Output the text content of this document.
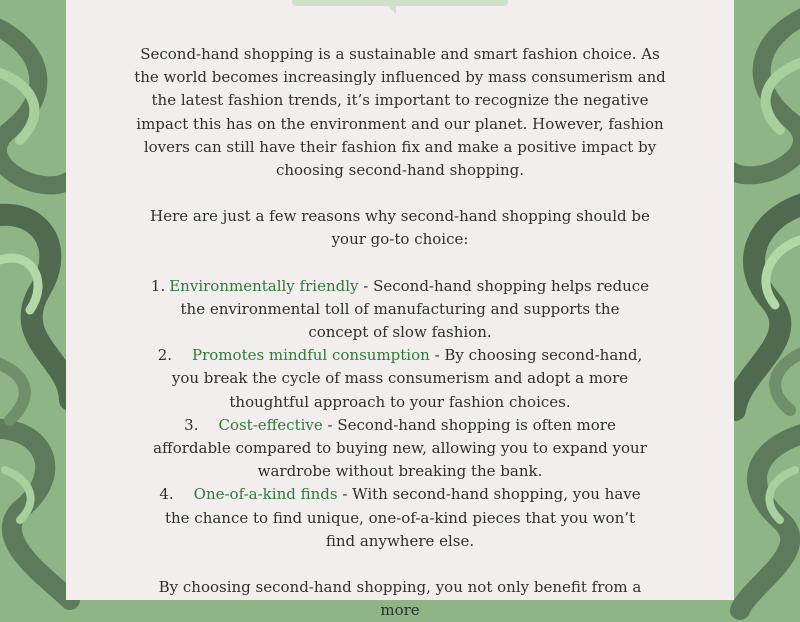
Second-hand shopping is a sustainable and smart fashion choice. As the world becomes increasingly influenced by mass consumerism and the latest fashion trends, it’s important to recognize the negative impact this has on the environment and our planet. However, fashion lovers can still have their fashion fix and make a positive impact by choosing second-hand shopping.

Here are just a few reasons why second-hand shopping should be your go-to choice:

1. Environmentally friendly - Second-hand shopping helps reduce the environmental toll of manufacturing and supports the concept of slow fashion.
2. Promotes mindful consumption - By choosing second-hand, you break the cycle of mass consumerism and adopt a more thoughtful approach to your fashion choices.
3. Cost-effective - Second-hand shopping is often more affordable compared to buying new, allowing you to expand your wardrobe without breaking the bank.
4. One-of-a-kind finds - With second-hand shopping, you have the chance to find unique, one-of-a-kind pieces that you won’t find anywhere else.

By choosing second-hand shopping, you not only benefit from a more
